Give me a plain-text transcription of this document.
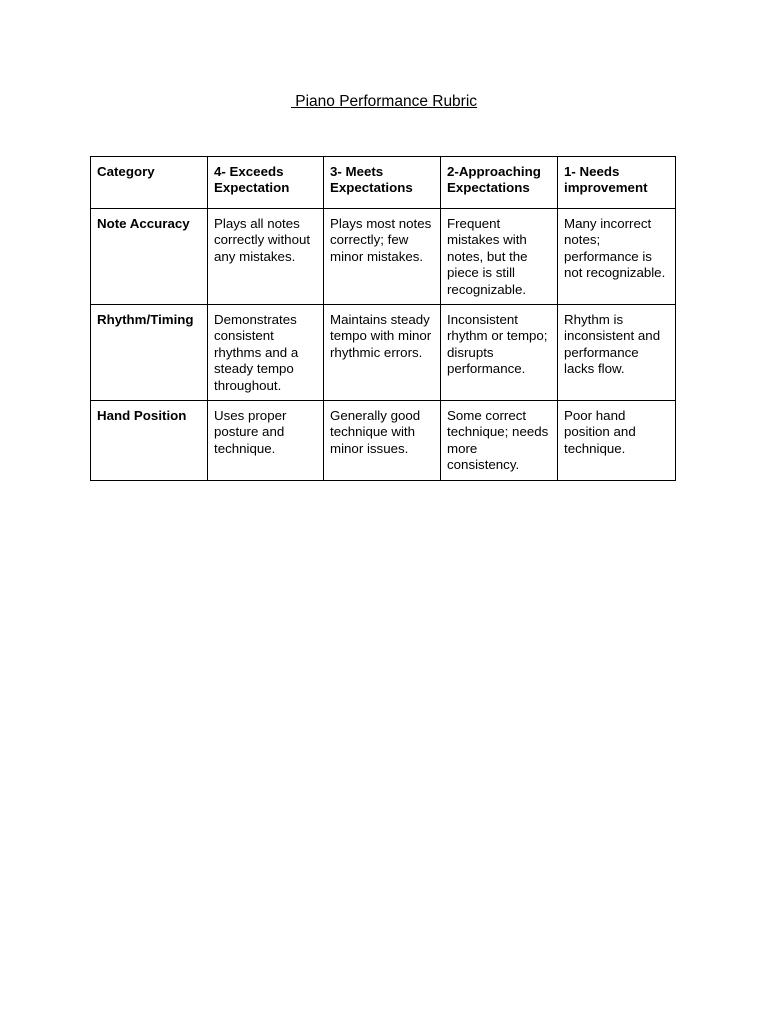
Piano Performance Rubric
Category	4- Exceeds Expectation	3- Meets Expectations	2-Approaching Expectations	1- Needs improvement
Note Accuracy	Plays all notes correctly without any mistakes.	Plays most notes correctly; few minor mistakes.	Frequent mistakes with notes, but the piece is still recognizable.	Many incorrect notes; performance is not recognizable.
Rhythm/Timing	Demonstrates consistent rhythms and a steady tempo throughout.	Maintains steady tempo with minor rhythmic errors.	Inconsistent rhythm or tempo; disrupts performance.	Rhythm is inconsistent and performance lacks flow.
Hand Position	Uses proper posture and technique.	Generally good technique with minor issues.	Some correct technique; needs more consistency.	Poor hand position and technique.
